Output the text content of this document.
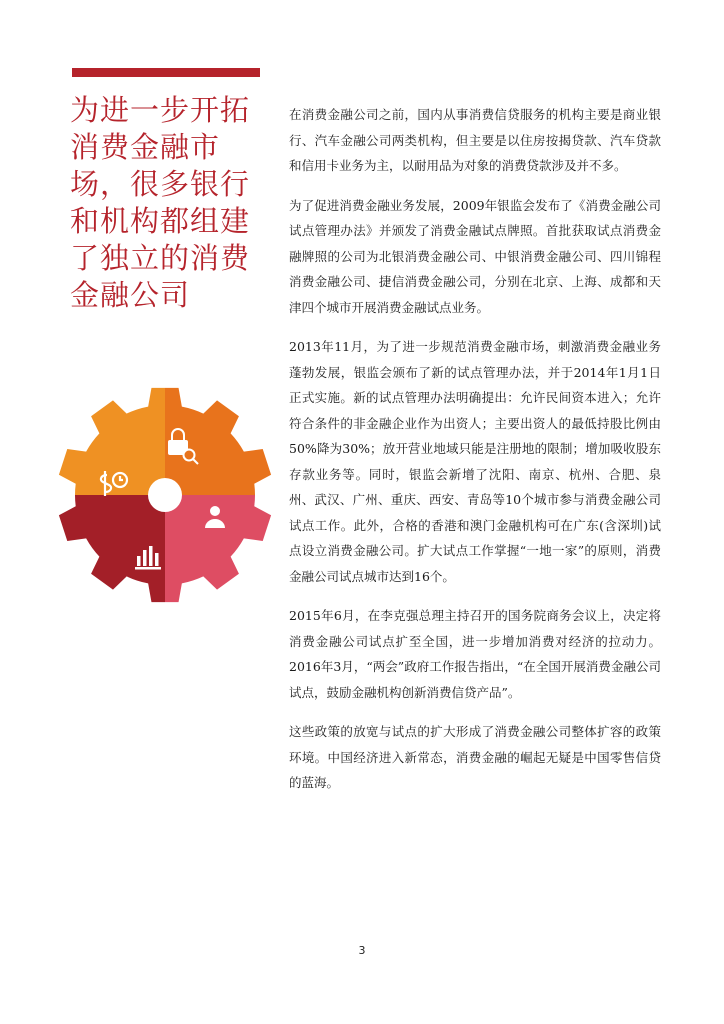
为进一步开拓消费金融市场，很多银行和机构都组建了独立的消费金融公司

在消费金融公司之前，国内从事消费信贷服务的机构主要是商业银行、汽车金融公司两类机构，但主要是以住房按揭贷款、汽车贷款和信用卡业务为主，以耐用品为对象的消费贷款涉及并不多。

为了促进消费金融业务发展，2009年银监会发布了《消费金融公司试点管理办法》并颁发了消费金融试点牌照。首批获取试点消费金融牌照的公司为北银消费金融公司、中银消费金融公司、四川锦程消费金融公司、捷信消费金融公司，分别在北京、上海、成都和天津四个城市开展消费金融试点业务。

2013年11月，为了进一步规范消费金融市场，刺激消费金融业务蓬勃发展，银监会颁布了新的试点管理办法，并于2014年1月1日正式实施。新的试点管理办法明确提出：允许民间资本进入；允许符合条件的非金融企业作为出资人；主要出资人的最低持股比例由50%降为30%；放开营业地域只能是注册地的限制；增加吸收股东存款业务等。同时，银监会新增了沈阳、南京、杭州、合肥、泉州、武汉、广州、重庆、西安、青岛等10个城市参与消费金融公司试点工作。此外，合格的香港和澳门金融机构可在广东(含深圳)试点设立消费金融公司。扩大试点工作掌握“一地一家”的原则，消费金融公司试点城市达到16个。

2015年6月，在李克强总理主持召开的国务院商务会议上，决定将消费金融公司试点扩至全国，进一步增加消费对经济的拉动力。2016年3月，“两会”政府工作报告指出，“在全国开展消费金融公司试点，鼓励金融机构创新消费信贷产品”。

这些政策的放宽与试点的扩大形成了消费金融公司整体扩容的政策环境。中国经济进入新常态，消费金融的崛起无疑是中国零售信贷的蓝海。

3
